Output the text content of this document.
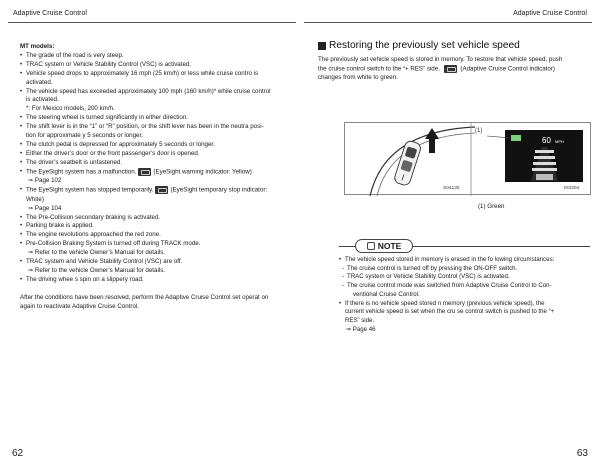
Adaptive Cruise Control	Adaptive Cruise Control
MT models:
• The grade of the road is very steep.
• TRAC system or Vehicle Stability Control (VSC) is activated.
• Vehicle speed drops to approximately 16 mph (25 km/h) or less while cruise contro is
activated.
• The vehicle speed has exceeded approximately 100 mph (160 km/h)* while cruise control
is activated.
*: For Mexico models, 200 km/h.
• The steering wheel is turned significantly in either direction.
• The shift lever is in the “1” or “R” position, or the shift lever has been in the neutra posi-
tion for approximate y 5 seconds or longer.
• The clutch pedal is depressed for approximately 5 seconds or longer.
• Either the driver’s door or the front passenger’s door is opened.
• The driver’s seatbelt is unfastened.
• The EyeSight system has a malfunction.	(EyeSight warning indicator: Yellow)
⇒ Page 102
• The EyeSight system has stopped temporarily.	(EyeSight temporary stop indicator:
White)
⇒ Page 104
• The Pre-Collision secondary braking is activated.
• Parking brake is applied.
• The engine revolutions approached the red zone.
• Pre-Collision Braking System is turned off during TRACK mode.
⇒ Refer to the vehicle Owner’s Manual for details.
• TRAC system and Vehicle Stability Control (VSC) are off.
⇒ Refer to the vehicle Owner’s Manual for details.
• The driving whee s spin on a slippery road.
After the conditions have been resolved, perform the Adaptive Cruise Control set operat on
again to reactivate Adaptive Cruise Control.
Restoring the previously set vehicle speed
The previously set vehicle speed is stored in memory. To restore that vehicle speed, push
the cruise control switch to the “+ RES” side.	(Adaptive Cruise Control indicator)
changes from white to green.
60 MPH
(1)
S04130	IK0204
(1) Green
NOTE
• The vehicle speed stored in memory is erased in the fo lowing circumstances:
- The cruise control is turned off by pressing the ON-OFF switch.
- TRAC system or Vehicle Stability Control (VSC) is activated.
- The cruise control mode was switched from Adaptive Cruise Control to Con-
ventional Cruise Control.
• If there is no vehicle speed stored n memory (previous vehicle speed), the
current vehicle speed is set when the cru se control switch is pushed to the “+
RES” side.
⇒ Page 46
62	63
